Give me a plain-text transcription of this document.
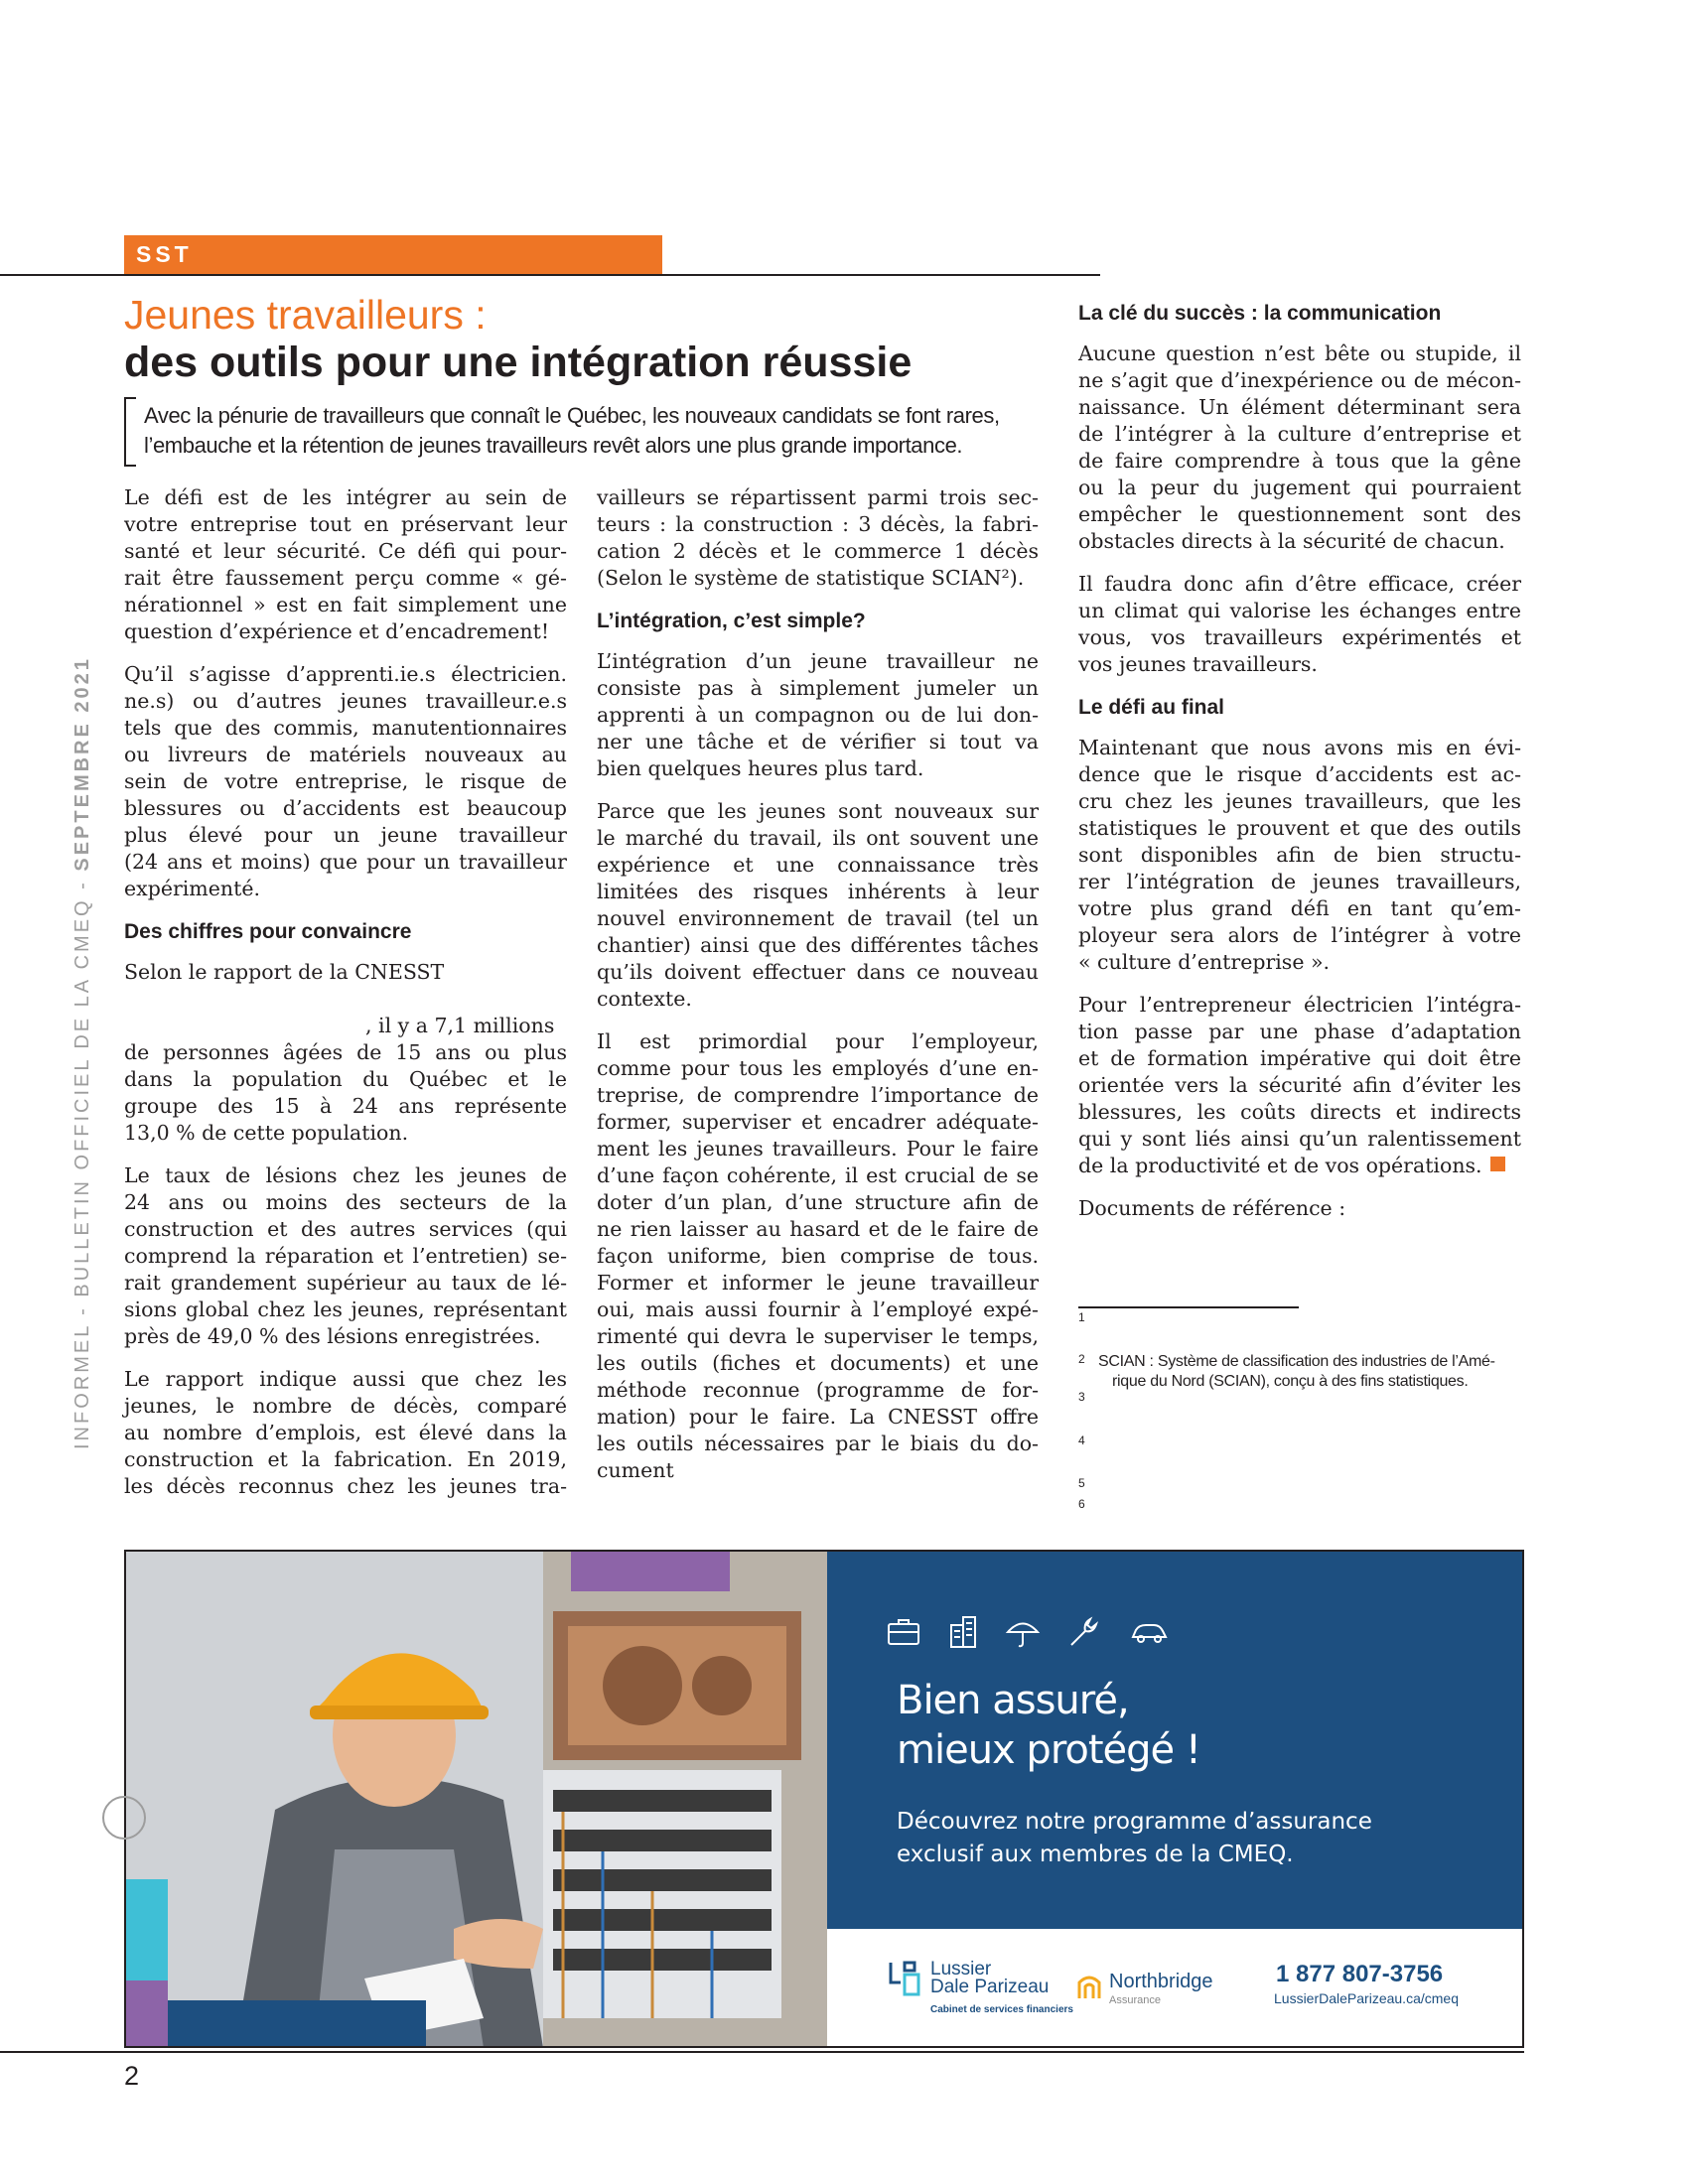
SST
INFORMEL - BULLETIN OFFICIEL DE LA CMEQ - SEPTEMBRE 2021
Jeunes travailleurs :
des outils pour une intégration réussie
Avec la pénurie de travailleurs que connaît le Québec, les nouveaux candidats se font rares,
l’embauche et la rétention de jeunes travailleurs revêt alors une plus grande importance.

Le défi est de les intégrer au sein de
votre entreprise tout en préservant leur
santé et leur sécurité. Ce défi qui pour-
rait être faussement perçu comme « gé-
nérationnel » est en fait simplement une
question d’expérience et d’encadrement!

Qu’il s’agisse d’apprenti.ie.s électricien.
ne.s) ou d’autres jeunes travailleur.e.s
tels que des commis, manutentionnaires
ou livreurs de matériels nouveaux au
sein de votre entreprise, le risque de
blessures ou d’accidents est beaucoup
plus élevé pour un jeune travailleur
(24 ans et moins) que pour un travailleur
expérimenté.

Des chiffres pour convaincre

Selon le rapport de la CNESST
, il y a 7,1 millions
de personnes âgées de 15 ans ou plus
dans la population du Québec et le
groupe des 15 à 24 ans représente
13,0 % de cette population.

Le taux de lésions chez les jeunes de
24 ans ou moins des secteurs de la
construction et des autres services (qui
comprend la réparation et l’entretien) se-
rait grandement supérieur au taux de lé-
sions global chez les jeunes, représentant
près de 49,0 % des lésions enregistrées.

Le rapport indique aussi que chez les
jeunes, le nombre de décès, comparé
au nombre d’emplois, est élevé dans la
construction et la fabrication. En 2019,
les décès reconnus chez les jeunes tra-

vailleurs se répartissent parmi trois sec-
teurs : la construction : 3 décès, la fabri-
cation 2 décès et le commerce 1 décès
(Selon le système de statistique SCIAN²).

L’intégration, c’est simple?

L’intégration d’un jeune travailleur ne
consiste pas à simplement jumeler un
apprenti à un compagnon ou de lui don-
ner une tâche et de vérifier si tout va
bien quelques heures plus tard.

Parce que les jeunes sont nouveaux sur
le marché du travail, ils ont souvent une
expérience et une connaissance très
limitées des risques inhérents à leur
nouvel environnement de travail (tel un
chantier) ainsi que des différentes tâches
qu’ils doivent effectuer dans ce nouveau
contexte.

Il est primordial pour l’employeur,
comme pour tous les employés d’une en-
treprise, de comprendre l’importance de
former, superviser et encadrer adéquate-
ment les jeunes travailleurs. Pour le faire
d’une façon cohérente, il est crucial de se
doter d’un plan, d’une structure afin de
ne rien laisser au hasard et de le faire de
façon uniforme, bien comprise de tous.
Former et informer le jeune travailleur
oui, mais aussi fournir à l’employé expé-
rimenté qui devra le superviser le temps,
les outils (fiches et documents) et une
méthode reconnue (programme de for-
mation) pour le faire. La CNESST offre
les outils nécessaires par le biais du do-
cument

La clé du succès : la communication

Aucune question n’est bête ou stupide, il
ne s’agit que d’inexpérience ou de mécon-
naissance. Un élément déterminant sera
de l’intégrer à la culture d’entreprise et
de faire comprendre à tous que la gêne
ou la peur du jugement qui pourraient
empêcher le questionnement sont des
obstacles directs à la sécurité de chacun.

Il faudra donc afin d’être efficace, créer
un climat qui valorise les échanges entre
vous, vos travailleurs expérimentés et
vos jeunes travailleurs.

Le défi au final

Maintenant que nous avons mis en évi-
dence que le risque d’accidents est ac-
cru chez les jeunes travailleurs, que les
statistiques le prouvent et que des outils
sont disponibles afin de bien structu-
rer l’intégration de jeunes travailleurs,
votre plus grand défi en tant qu’em-
ployeur sera alors de l’intégrer à votre
« culture d’entreprise ».

Pour l’entrepreneur électricien l’intégra-
tion passe par une phase d’adaptation
et de formation impérative qui doit être
orientée vers la sécurité afin d’éviter les
blessures, les coûts directs et indirects
qui y sont liés ainsi qu’un ralentissement
de la productivité et de vos opérations.

Documents de référence :

1
2 SCIAN : Système de classification des industries de l’Amé-
rique du Nord (SCIAN), conçu à des fins statistiques.
3
4
5
6
Bien assuré,
mieux protégé !
Découvrez notre programme d’assurance
exclusif aux membres de la CMEQ.
Lussier
Dale Parizeau
Cabinet de services financiers
Northbridge
Assurance
1 877 807-3756
LussierDaleParizeau.ca/cmeq
2
